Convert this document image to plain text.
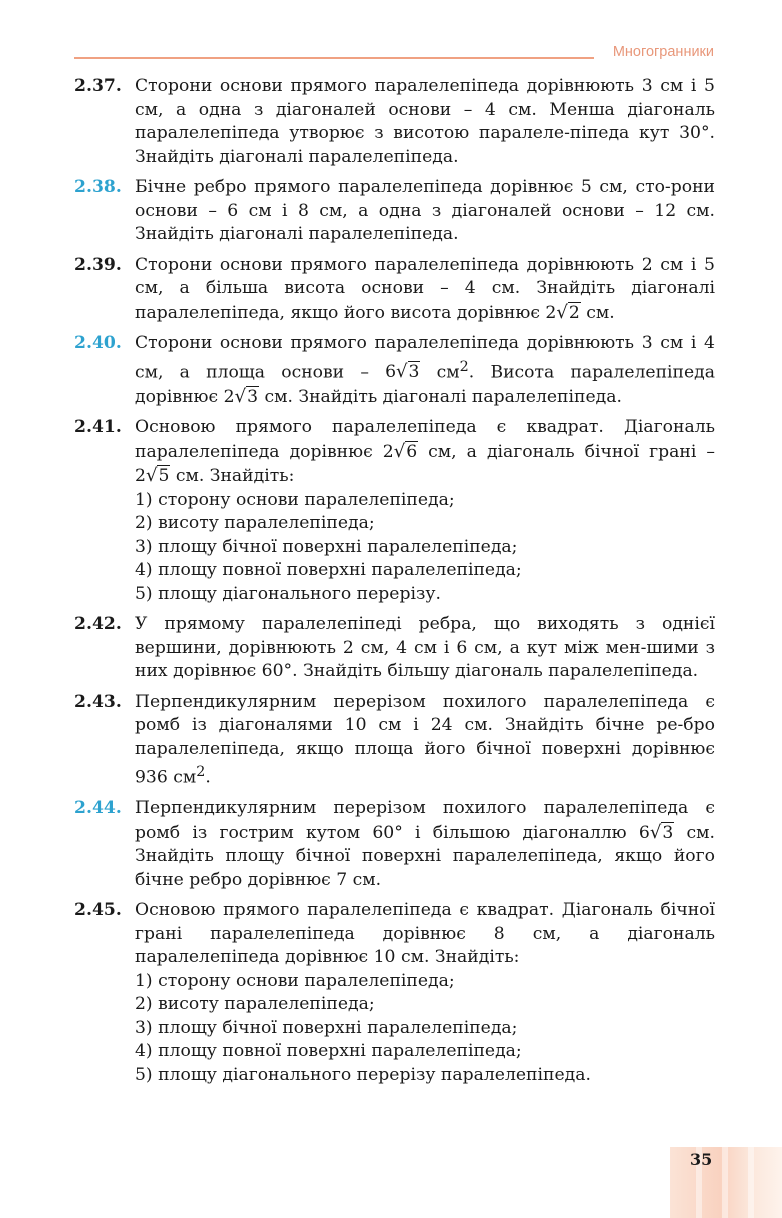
Многогранники
2.37. Сторони основи прямого паралелепіпеда дорівнюють 3 см і 5 см, а одна з діагоналей основи – 4 см. Менша діагональ паралелепіпеда утворює з висотою паралеле-піпеда кут 30°. Знайдіть діагоналі паралелепіпеда.
2.38. Бічне ребро прямого паралелепіпеда дорівнює 5 см, сто-рони основи – 6 см і 8 см, а одна з діагоналей основи – 12 см. Знайдіть діагоналі паралелепіпеда.
2.39. Сторони основи прямого паралелепіпеда дорівнюють 2 см і 5 см, а більша висота основи – 4 см. Знайдіть діагоналі паралелепіпеда, якщо його висота дорівнює 2√2 см.
2.40. Сторони основи прямого паралелепіпеда дорівнюють 3 см і 4 см, а площа основи – 6√3 $см^2$. Висота паралелепіпеда дорівнює 2√3 см. Знайдіть діагоналі паралелепіпеда.
2.41. Основою прямого паралелепіпеда є квадрат. Діагональ паралелепіпеда дорівнює 2√6 см, а діагональ бічної грані – 2√5 см. Знайдіть:
1) сторону основи паралелепіпеда;
2) висоту паралелепіпеда;
3) площу бічної поверхні паралелепіпеда;
4) площу повної поверхні паралелепіпеда;
5) площу діагонального перерізу.
2.42. У прямому паралелепіпеді ребра, що виходять з однієї вершини, дорівнюють 2 см, 4 см і 6 см, а кут між мен-шими з них дорівнює 60°. Знайдіть більшу діагональ паралелепіпеда.
2.43. Перпендикулярним перерізом похилого паралелепіпеда є ромб із діагоналями 10 см і 24 см. Знайдіть бічне ре-бро паралелепіпеда, якщо площа його бічної поверхні дорівнює 936 $см^2$.
2.44. Перпендикулярним перерізом похилого паралелепіпеда є ромб із гострим кутом 60° і більшою діагоналлю 6√3 см. Знайдіть площу бічної поверхні паралелепіпеда, якщо його бічне ребро дорівнює 7 см.
2.45. Основою прямого паралелепіпеда є квадрат. Діагональ бічної грані паралелепіпеда дорівнює 8 см, а діагональ паралелепіпеда дорівнює 10 см. Знайдіть:
1) сторону основи паралелепіпеда;
2) висоту паралелепіпеда;
3) площу бічної поверхні паралелепіпеда;
4) площу повної поверхні паралелепіпеда;
5) площу діагонального перерізу паралелепіпеда.
35
